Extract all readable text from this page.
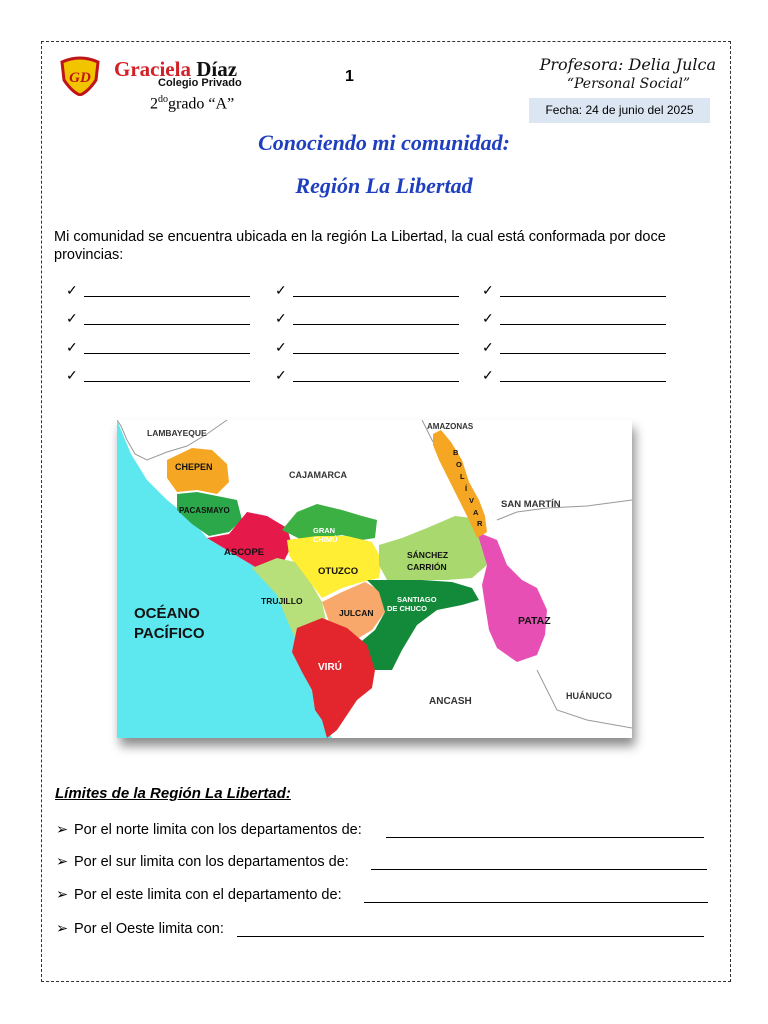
GD Graciela Díaz
Colegio Privado	1
$2^{do}grado$ “A”
Profesora: Delia Julca
“Personal Social”
Fecha: 24 de junio del 2025
Conociendo mi comunidad:
Región La Libertad
Mi comunidad se encuentra ubicada en la región La Libertad, la cual está conformada por doce provincias:
✓	✓	✓
✓	✓	✓
✓	✓	✓
✓	✓	✓
LAMBAYEQUE
CAJAMARCA
AMAZONAS
SAN MARTÍN
ANCASH	HUÁNUCO
OCÉANO
PACÍFICO
CHEPEN
PACASMAYO
ASCOPE
GRAN
CHIMÚ
OTUZCO
SÁNCHEZ
CARRIÓN
TRUJILLO
JULCAN
SANTIAGO
DE CHUCO
PATAZ
VIRÚ
B
O
L
Í
V
A
R
Límites de la Región La Libertad:
➢ Por el norte limita con los departamentos de:
➢ Por el sur limita con los departamentos de:
➢ Por el este limita con el departamento de:
➢ Por el Oeste limita con:
